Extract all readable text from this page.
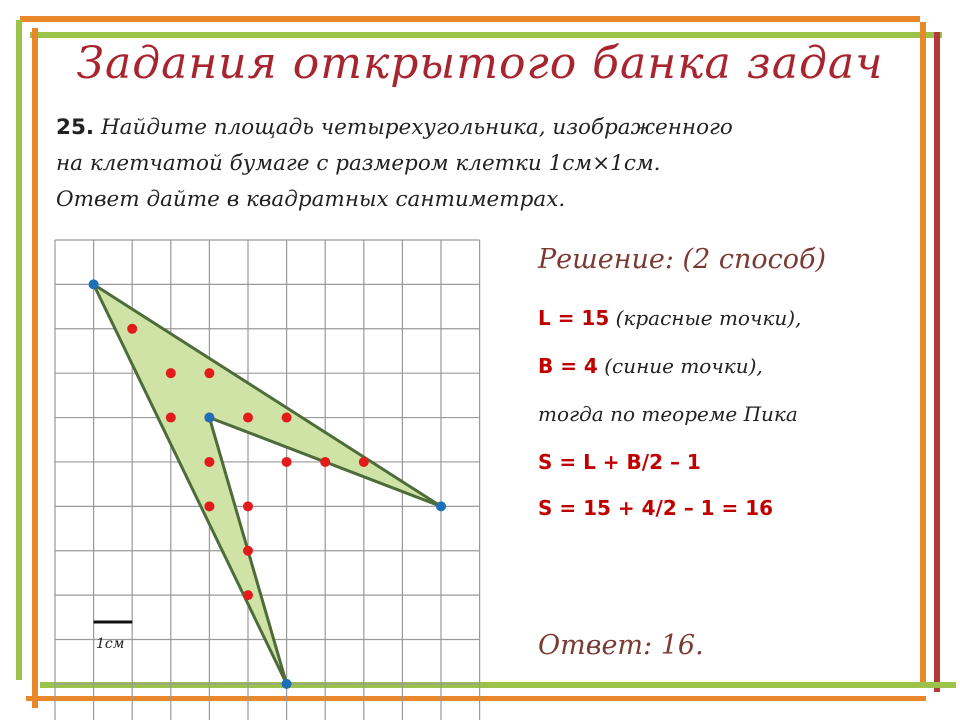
Задания открытого банка задач
25. Найдите площадь четырехугольника, изображенного
на клетчатой бумаге с размером клетки 1см×1см.
Ответ дайте в квадратных сантиметрах.
1см
Решение: (2 способ)
L = 15 (красные точки),
B = 4 (синие точки),
тогда по теореме Пика
S = L + B/2 – 1
S = 15 + 4/2 – 1 = 16
Ответ: 16.
